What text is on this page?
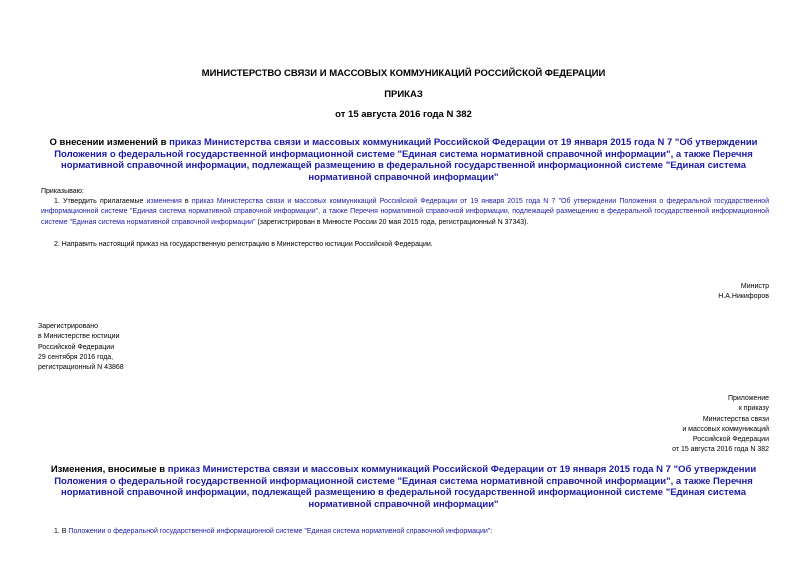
МИНИСТЕРСТВО СВЯЗИ И МАССОВЫХ КОММУНИКАЦИЙ РОССИЙСКОЙ ФЕДЕРАЦИИ
ПРИКАЗ
от 15 августа 2016 года N 382
О внесении изменений в приказ Министерства связи и массовых коммуникаций Российской Федерации от 19 января 2015 года N 7 "Об утверждении Положения о федеральной государственной информационной системе "Единая система нормативной справочной информации", а также Перечня нормативной справочной информации, подлежащей размещению в федеральной государственной информационной системе "Единая система нормативной справочной информации"
Приказываю:
1. Утвердить прилагаемые изменения в приказ Министерства связи и массовых коммуникаций Российской Федерации от 19 января 2015 года N 7 "Об утверждении Положения о федеральной государственной информационной системе "Единая система нормативной справочной информации", а также Перечня нормативной справочной информации, подлежащей размещению в федеральной государственной информационной системе "Единая система нормативной справочной информации" (зарегистрирован в Минюсте России 20 мая 2015 года, регистрационный N 37343).
2. Направить настоящий приказ на государственную регистрацию в Министерство юстиции Российской Федерации.
Министр
Н.А.Никифоров
Зарегистрировано
в Министерстве юстиции
Российской Федерации
29 сентября 2016 года,
регистрационный N 43868
Приложение
к приказу
Министерства связи
и массовых коммуникаций
Российской Федерации
от 15 августа 2016 года N 382
Изменения, вносимые в приказ Министерства связи и массовых коммуникаций Российской Федерации от 19 января 2015 года N 7 "Об утверждении Положения о федеральной государственной информационной системе "Единая система нормативной справочной информации", а также Перечня нормативной справочной информации, подлежащей размещению в федеральной государственной информационной системе "Единая система нормативной справочной информации"
1. В Положении о федеральной государственной информационной системе "Единая система нормативной справочной информации":
